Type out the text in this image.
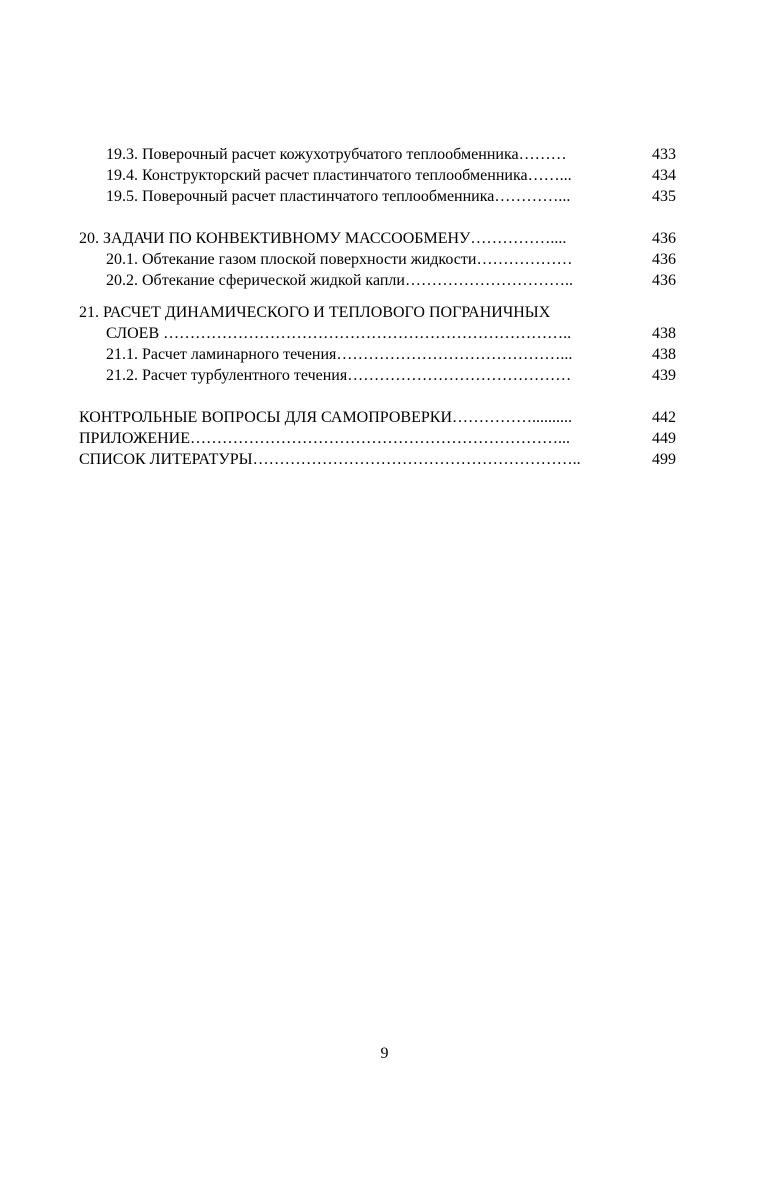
19.3. Поверочный расчет кожухотрубчатого теплообменника………	433
19.4. Конструкторский расчет пластинчатого теплообменника……...	434
19.5. Поверочный расчет пластинчатого теплообменника…………...	435
20. ЗАДАЧИ ПО КОНВЕКТИВНОМУ МАССООБМЕНУ……………....	436
20.1. Обтекание газом плоской поверхности жидкости………………	436
20.2. Обтекание сферической жидкой капли…………………………..	436
21. РАСЧЕТ ДИНАМИЧЕСКОГО И ТЕПЛОВОГО ПОГРАНИЧНЫХ
СЛОЕВ …………………………………………………………………..	438
21.1. Расчет ламинарного течения……………………………………...	438
21.2. Расчет турбулентного течения……………………………………	439
КОНТРОЛЬНЫЕ ВОПРОСЫ ДЛЯ САМОПРОВЕРКИ……………..........	442
ПРИЛОЖЕНИЕ……………………………………………………………...	449
СПИСОК ЛИТЕРАТУРЫ……………………………………………………..	499
9
